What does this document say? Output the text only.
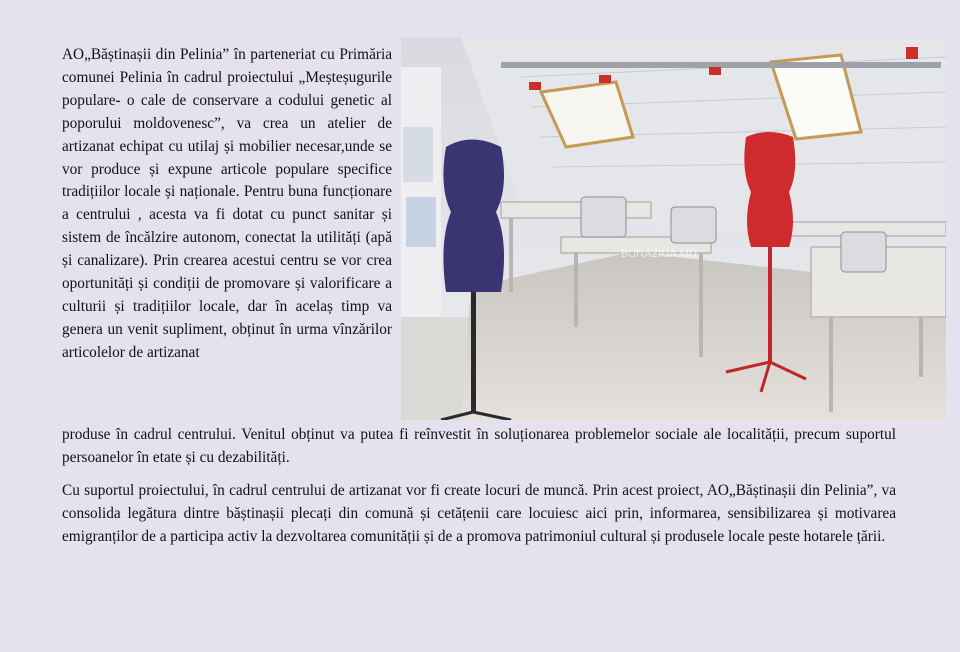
AO„Băștinașii din Pelinia” în parteneriat cu Primăria comunei Pelinia în cadrul proiectului „Meșteșugurile populare- o cale de conservare a codului genetic al poporului moldovenesc”, va crea un atelier de artizanat echipat cu utilaj și mobilier necesar,unde se vor produce și expune articole populare specifice tradițiilor locale și naționale. Pentru buna funcționare a centrului , acesta va fi dotat cu punct sanitar și sistem de încălzire autonom, conectat la utilități (apă și canalizare). Prin crearea acestui centru se vor crea oportunități și condiții de promovare și valorificare a culturii și tradițiilor locale, dar în acelaș timp va genera un venit supliment, obținut în urma vînzărilor articolelor de artizanat

BUNAZIUA.MD

produse în cadrul centrului. Venitul obținut va putea fi reînvestit în soluționarea problemelor sociale ale localității, precum suportul persoanelor în etate și cu dezabilități.

Cu suportul proiectului, în cadrul centrului de artizanat vor fi create locuri de muncă. Prin acest proiect, AO„Băștinașii din Pelinia”, va consolida legătura dintre băștinașii plecați din comună și cetățenii care locuiesc aici prin, informarea, sensibilizarea și motivarea emigranților de a participa activ la dezvoltarea comunității și de a promova patrimoniul cultural și produsele locale peste hotarele țării.
